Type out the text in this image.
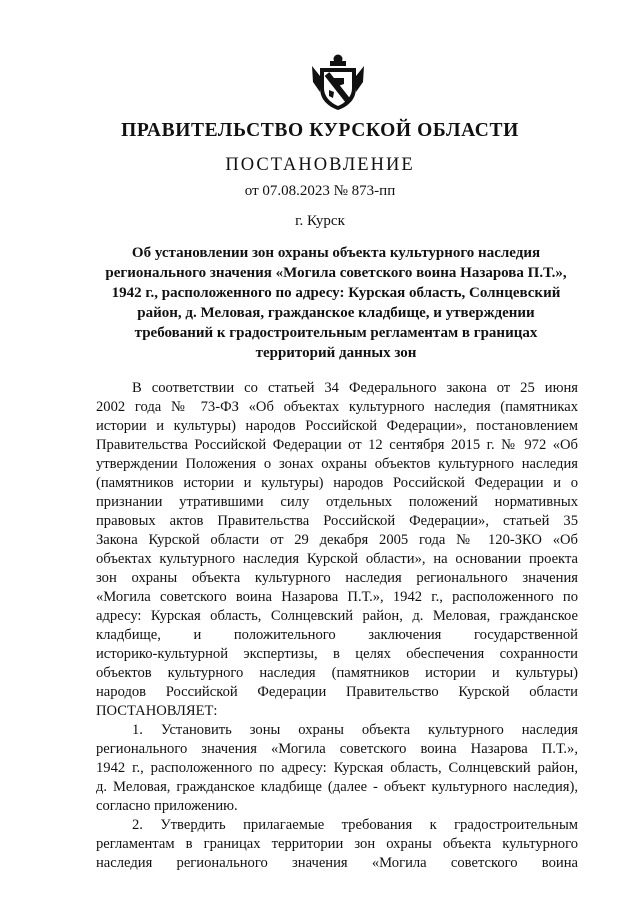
ПРАВИТЕЛЬСТВО КУРСКОЙ ОБЛАСТИ
ПОСТАНОВЛЕНИЕ
от 07.08.2023 № 873-пп
г. Курск
Об установлении зон охраны объекта культурного наследия
регионального значения «Могила советского воина Назарова П.Т.»,
1942 г., расположенного по адресу: Курская область, Солнцевский
район, д. Меловая, гражданское кладбище, и утверждении
требований к градостроительным регламентам в границах
территорий данных зон
В соответствии со статьей 34 Федерального закона от 25 июня
2002 года № 73-ФЗ «Об объектах культурного наследия (памятниках
истории и культуры) народов Российской Федерации», постановлением
Правительства Российской Федерации от 12 сентября 2015 г. № 972 «Об
утверждении Положения о зонах охраны объектов культурного наследия
(памятников истории и культуры) народов Российской Федерации и о
признании утратившими силу отдельных положений нормативных
правовых актов Правительства Российской Федерации», статьей 35
Закона Курской области от 29 декабря 2005 года № 120-ЗКО «Об
объектах культурного наследия Курской области», на основании проекта
зон охраны объекта культурного наследия регионального значения
«Могила советского воина Назарова П.Т.», 1942 г., расположенного по
адресу: Курская область, Солнцевский район, д. Меловая, гражданское
кладбище, и положительного заключения государственной
историко-культурной экспертизы, в целях обеспечения сохранности
объектов культурного наследия (памятников истории и культуры)
народов Российской Федерации Правительство Курской области
ПОСТАНОВЛЯЕТ:
1. Установить зоны охраны объекта культурного наследия
регионального значения «Могила советского воина Назарова П.Т.»,
1942 г., расположенного по адресу: Курская область, Солнцевский район,
д. Меловая, гражданское кладбище (далее - объект культурного наследия),
согласно приложению.
2. Утвердить прилагаемые требования к градостроительным
регламентам в границах территории зон охраны объекта культурного
наследия регионального значения «Могила советского воина
